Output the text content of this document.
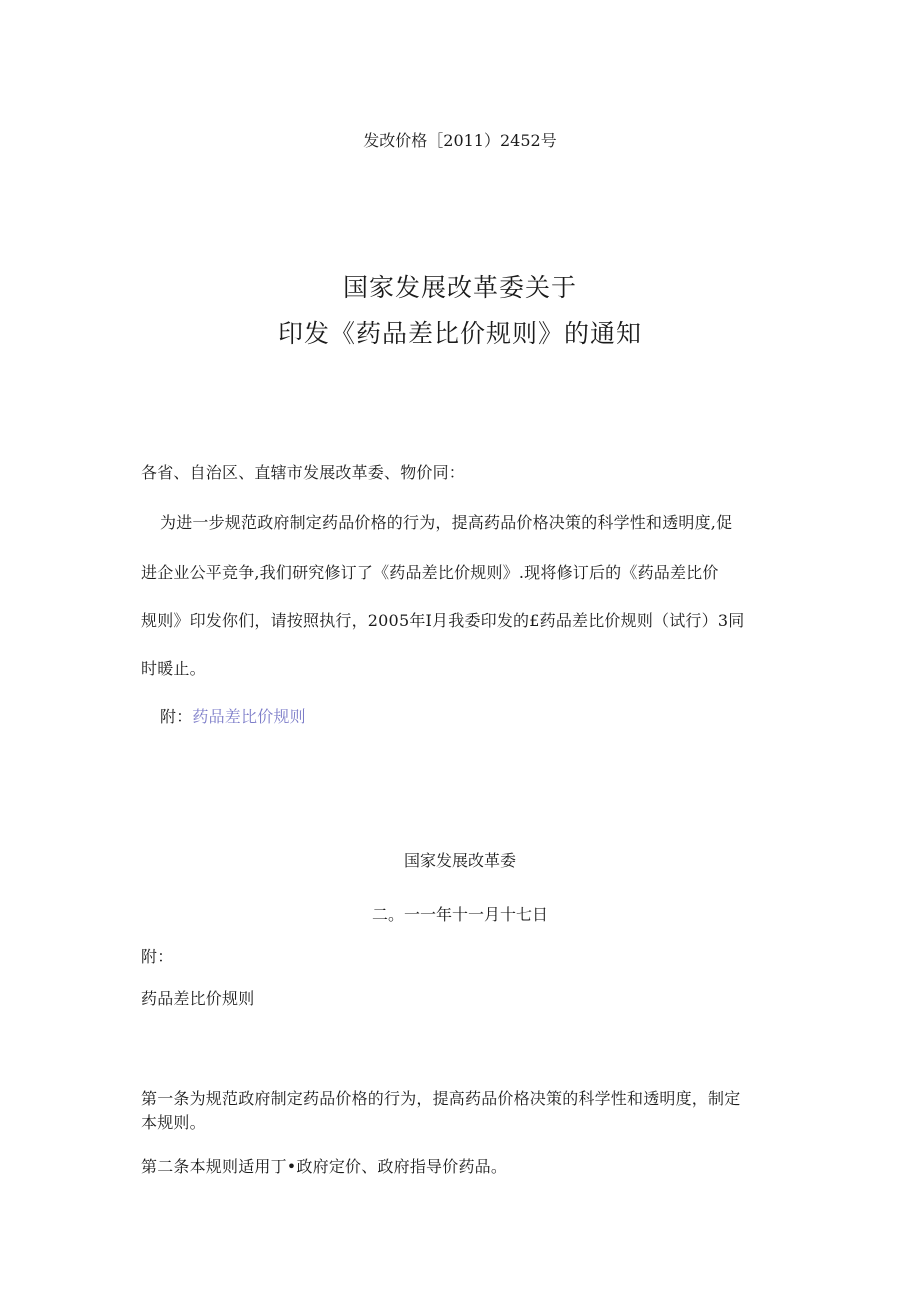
发改价格［2011）2452号

国家发展改革委关于

印发《药品差比价规则》的通知

各省、自治区、直辖市发展改革委、物价同：

为进一步规范政府制定药品价格的行为，提高药品价格决策的科学性和透明度,促

进企业公平竞争,我们研究修订了《药品差比价规则》.现将修订后的《药品差比价

规则》印发你们，请按照执行，2005年I月我委印发的£药品差比价规则（试行）3同

时暖止。

附：药品差比价规则

国家发展改革委

二。一一年十一月十七日

附：

药品差比价规则

第一条为规范政府制定药品价格的行为，提高药品价格决策的科学性和透明度，制定

本规则。

第二条本规则适用丁•政府定价、政府指导价药品。
